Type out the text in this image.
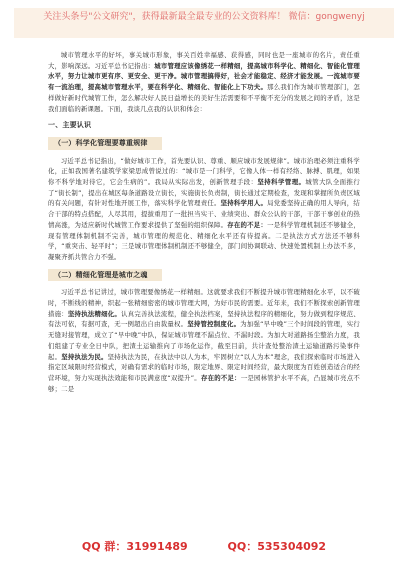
关注头条号"公文研究"，获得最新最全最专业的公文资料库！ 微信：gongwenyj

城市管理水平的好坏，事关城市形象，事关百姓幸福感、获得感，同时也是一座城市的名片，责任重大，影响深远。习近平总书记指出：城市管理应该像绣花一样精细，提高城市科学化、精细化、智能化管理水平，努力让城市更有序、更安全、更干净。城市管理搞得好，社会才能稳定、经济才能发展。一流城市要有一流治理，提高城市管理水平，要在科学化、精细化、智能化上下功夫。那么我们作为城市管理部门，怎样做好新时代城管工作，怎么解决好人民日益增长的美好生活需要和不平衡不充分的发展之间的矛盾，这是我们面临的新课题。下面，我谈几点我的认识和体会：

一、主要认识
（一）科学化管理要尊重规律

习近平总书记指出，“做好城市工作，首先要认识、尊重、顺应城市发展规律”。城市治理必须注重科学化，正如我国著名建筑学家梁思成曾说过的：“城市是一门科学，它像人体一样有经络、脉搏、肌理，如果你不科学地对待它，它会生病的”。我局从实际出发，创新管理手段：坚持科学管理。城管大队全面推行了“街长制”，提出在城区每条道路设立街长，实施街长负责制，街长通过定期检查，发现和掌握所负责区域的有关问题，有针对性地开展工作，落实科学化管理责任。坚持科学用人。局党委坚持正确的用人导向，结合干部的特点搭配，人尽其用，提拔重用了一批担当实干、业绩突出、群众公认的干部，干部干事创业的热情高涨，为适应新时代城管工作要求提供了坚强的组织保障。存在的不足：一是科学管理机制还不够健全，现有管理体制机制不完善，城市管理的规范化、精细化水平还有待提高。二是执法方式方法还不够科学，“重突击、轻平时”；三是城市管理体制机制还不够健全，部门间协调联动、快速处置机制上办法不多，凝聚齐抓共管合力不强。

（二）精细化管理是城市之魂

习近平总书记讲过，城市管理要像绣花一样精细。这就要求我们不断提升城市管理精细化水平，以不破时，不断线的精神，织起一张精细密密的城市管理大网，为好市民的需要。近年来，我们不断探索创新管理措施：坚持执法精细化。认真完善执法流程，健全执法档案，坚持执法程序的精细化，努力做到程序规范、有法可依，有据可查，无一例超出自由裁量权。坚持管控制度化。为加强“早中晚”三个时间段的管理，实行无缝对接管理，成立了“早中晚”中队，保证城市管理不漏点位、不漏时段。为加大对道路扬尘整治力度，我们组建了专业全日中队，把渣土运输推向了市场化运作，截至目前，共计查处整治渣土运输道路污染事件起。坚持执法为民。坚持执法为民，在执法中以人为本，牢固树立“以人为本”理念，我们探索临时市场进入指定区域限时经营模式，对确有需求的临时市场，限定地界、限定时间经营，最大限度为百姓创造适合的经营环境，努力实现执法效能和市民满意度“双提升”。存在的不足：一是园林管护水平不高，凸显城市亮点不够；二是

QQ 群：31991489	QQ：535304092
